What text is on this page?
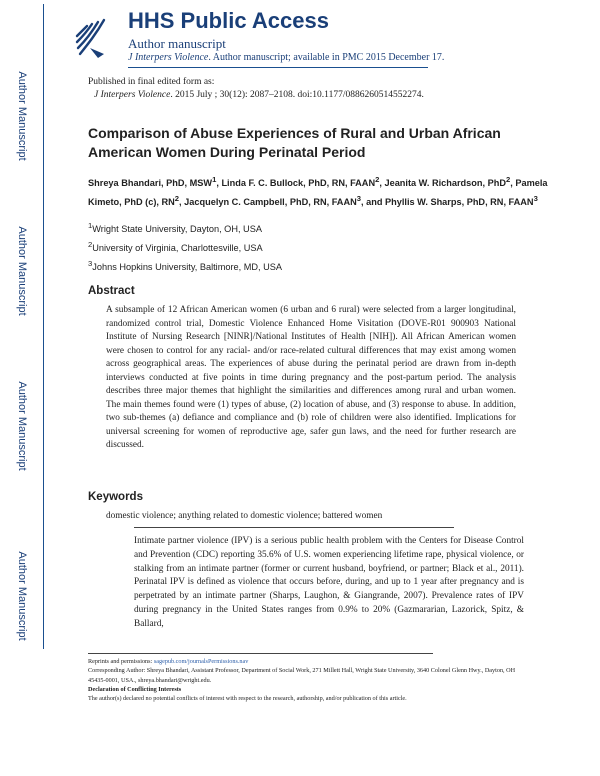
Author Manuscript
Author Manuscript
Author Manuscript
Author Manuscript
HHS Public Access
Author manuscript
J Interpers Violence. Author manuscript; available in PMC 2015 December 17.
Published in final edited form as:
J Interpers Violence. 2015 July ; 30(12): 2087–2108. doi:10.1177/0886260514552274.
Comparison of Abuse Experiences of Rural and Urban African American Women During Perinatal Period
Shreya Bhandari, PhD, MSW$^1$, Linda F. C. Bullock, PhD, RN, FAAN$^2$, Jeanita W. Richardson, PhD$^2$, Pamela Kimeto, PhD (c), $RN^2$, Jacquelyn C. Campbell, PhD, RN, FAAN$^3$, and Phyllis W. Sharps, PhD, RN, FAAN$^3$
$^1$Wright State University, Dayton, OH, USA
$^2$University of Virginia, Charlottesville, USA
$^3$Johns Hopkins University, Baltimore, MD, USA
Abstract
A subsample of 12 African American women (6 urban and 6 rural) were selected from a larger longitudinal, randomized control trial, Domestic Violence Enhanced Home Visitation (DOVE-R01 900903 National Institute of Nursing Research [NINR]/National Institutes of Health [NIH]). All African American women were chosen to control for any racial- and/or race-related cultural differences that may exist among women across geographical areas. The experiences of abuse during the perinatal period are drawn from in-depth interviews conducted at five points in time during pregnancy and the post-partum period. The analysis describes three major themes that highlight the similarities and differences among rural and urban women. The main themes found were (1) types of abuse, (2) location of abuse, and (3) response to abuse. In addition, two sub-themes (a) defiance and compliance and (b) role of children were also identified. Implications for universal screening for women of reproductive age, safer gun laws, and the need for further research are discussed.
Keywords
domestic violence; anything related to domestic violence; battered women
Intimate partner violence (IPV) is a serious public health problem with the Centers for Disease Control and Prevention (CDC) reporting 35.6% of U.S. women experiencing lifetime rape, physical violence, or stalking from an intimate partner (former or current husband, boyfriend, or partner; Black et al., 2011). Perinatal IPV is defined as violence that occurs before, during, and up to 1 year after pregnancy and is perpetrated by an intimate partner (Sharps, Laughon, & Giangrande, 2007). Prevalence rates of IPV during pregnancy in the United States ranges from 0.9% to 20% (Gazmararian, Lazorick, Spitz, & Ballard,
Reprints and permissions: sagepub.com/journalsPermissions.nav
Corresponding Author: Shreya Bhandari, Assistant Professor, Department of Social Work, 271 Millett Hall, Wright State University, 3640 Colonel Glenn Hwy., Dayton, OH 45435-0001, USA., shreya.bhandari@wright.edu.
Declaration of Conflicting Interests
The author(s) declared no potential conflicts of interest with respect to the research, authorship, and/or publication of this article.
